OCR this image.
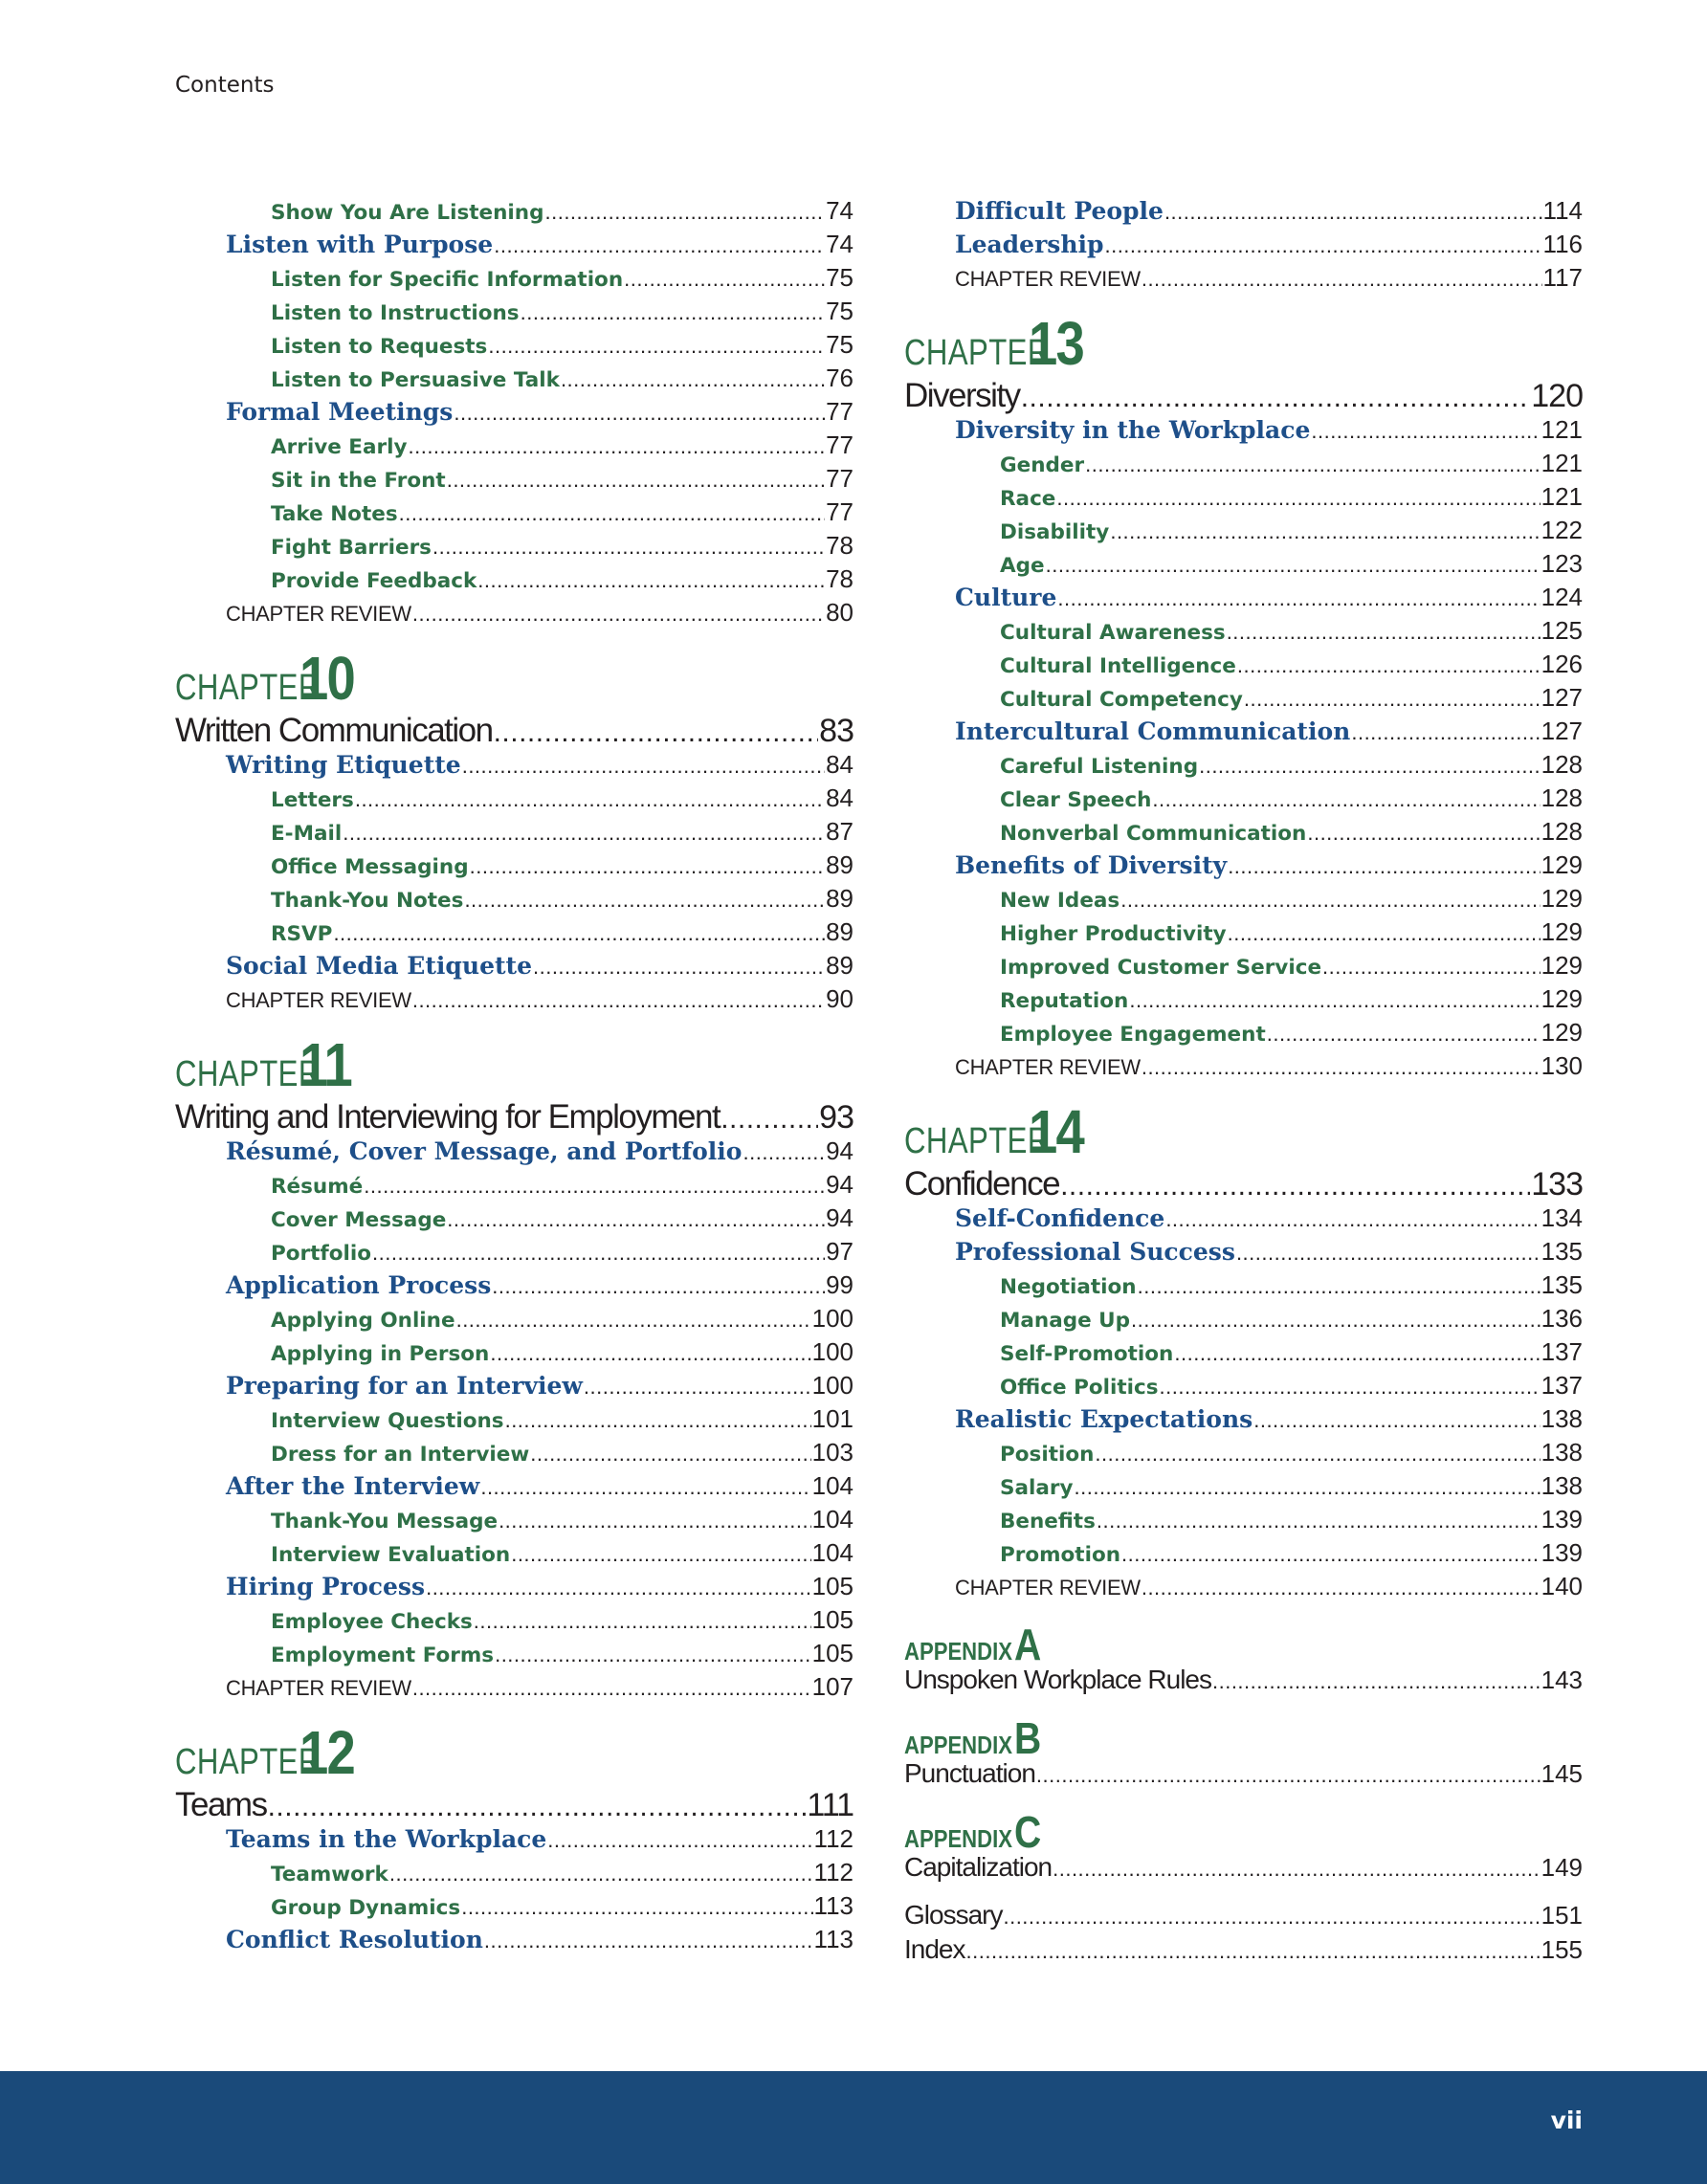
Contents
Show You Are Listening .....	74
Listen with Purpose .....	74
Listen for Specific Information .....	75
Listen to Instructions .....	75
Listen to Requests .....	75
Listen to Persuasive Talk .....	76
Formal Meetings .....	77
Arrive Early .....	77
Sit in the Front .....	77
Take Notes .....	77
Fight Barriers .....	78
Provide Feedback .....	78
CHAPTER REVIEW .....	80
CHAPTER
10
Written Communication .....	83
Writing Etiquette .....	84
Letters .....	84
E-Mail .....	87
Office Messaging .....	89
Thank-You Notes .....	89
RSVP .....	89
Social Media Etiquette .....	89
CHAPTER REVIEW .....	90
CHAPTER
11
Writing and Interviewing for Employment .....	93
Résumé, Cover Message, and Portfolio .....	94
Résumé .....	94
Cover Message .....	94
Portfolio .....	97
Application Process .....	99
Applying Online .....	100
Applying in Person .....	100
Preparing for an Interview .....	100
Interview Questions .....	101
Dress for an Interview .....	103
After the Interview .....	104
Thank-You Message .....	104
Interview Evaluation .....	104
Hiring Process .....	105
Employee Checks .....	105
Employment Forms .....	105
CHAPTER REVIEW .....	107
CHAPTER
12
Teams .....	111
Teams in the Workplace .....	112
Teamwork .....	112
Group Dynamics .....	113
Conflict Resolution .....	113
Difficult People .....	114
Leadership .....	116
CHAPTER REVIEW .....	117
CHAPTER
13
Diversity .....	120
Diversity in the Workplace .....	121
Gender .....	121
Race .....	121
Disability .....	122
Age .....	123
Culture .....	124
Cultural Awareness .....	125
Cultural Intelligence .....	126
Cultural Competency .....	127
Intercultural Communication .....	127
Careful Listening .....	128
Clear Speech .....	128
Nonverbal Communication .....	128
Benefits of Diversity .....	129
New Ideas .....	129
Higher Productivity .....	129
Improved Customer Service .....	129
Reputation .....	129
Employee Engagement .....	129
CHAPTER REVIEW .....	130
CHAPTER
14
Confidence .....	133
Self-Confidence .....	134
Professional Success .....	135
Negotiation .....	135
Manage Up .....	136
Self-Promotion .....	137
Office Politics .....	137
Realistic Expectations .....	138
Position .....	138
Salary .....	138
Benefits .....	139
Promotion .....	139
CHAPTER REVIEW .....	140
APPENDIX A
Unspoken Workplace Rules .....	143
APPENDIX B
Punctuation .....	145
APPENDIX C
Capitalization .....	149
Glossary .....	151
Index .....	155
vii
